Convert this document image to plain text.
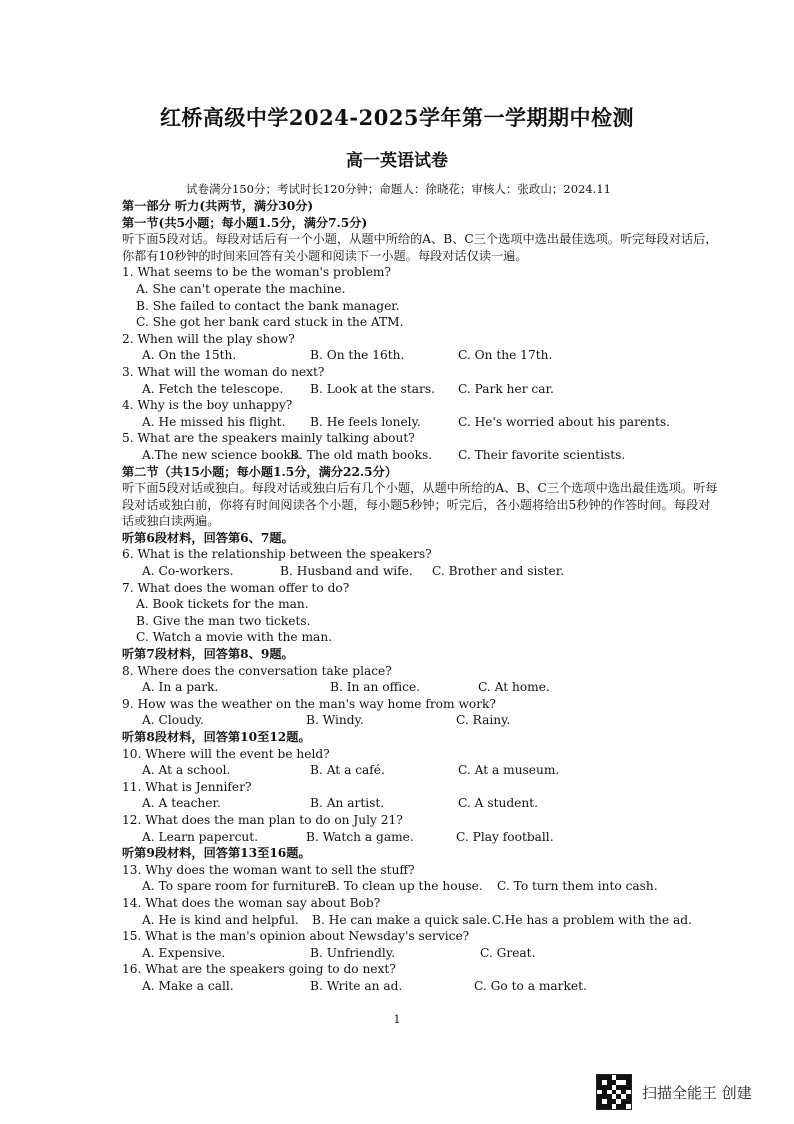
红桥高级中学2024-2025学年第一学期期中检测
高一英语试卷
试卷满分150分；考试时长120分钟；命题人：徐晓花；审核人：张政山；2024.11
第一部分 听力(共两节，满分30分)
第一节(共5小题；每小题1.5分，满分7.5分)
听下面5段对话。每段对话后有一个小题，从题中所给的A、B、C三个选项中选出最佳选项。听完每段对话后，你都有10秒钟的时间来回答有关小题和阅读下一小题。每段对话仅读一遍。
1. What seems to be the woman's problem?
A. She can't operate the machine.
B. She failed to contact the bank manager.
C. She got her bank card stuck in the ATM.
2. When will the play show?
A. On the 15th.	B. On the 16th.	C. On the 17th.
3. What will the woman do next?
A. Fetch the telescope.	B. Look at the stars.	C. Park her car.
4. Why is the boy unhappy?
A. He missed his flight.	B. He feels lonely.	C. He's worried about his parents.
5. What are the speakers mainly talking about?
A.The new science books.
B. The old math books.	C. Their favorite scientists.
第二节（共15小题；每小题1.5分，满分22.5分）
听下面5段对话或独白。每段对话或独白后有几个小题，从题中所给的A、B、C三个选项中选出最佳选项。听每段对话或独白前，你将有时间阅读各个小题，每小题5秒钟；听完后，各小题将给出5秒钟的作答时间。每段对话或独白读两遍。
听第6段材料，回答第6、7题。
6. What is the relationship between the speakers?
A. Co-workers.	B. Husband and wife.	C. Brother and sister.
7. What does the woman offer to do?
A. Book tickets for the man.
B. Give the man two tickets.
C. Watch a movie with the man.
听第7段材料，回答第8、9题。
8. Where does the conversation take place?
A. In a park.	B. In an office.	C. At home.
9. How was the weather on the man's way home from work?
A. Cloudy.	B. Windy.	C. Rainy.
听第8段材料，回答第10至12题。
10. Where will the event be held?
A. At a school.	B. At a café.	C. At a museum.
11. What is Jennifer?
A. A teacher.	B. An artist.	C. A student.
12. What does the man plan to do on July 21?
A. Learn papercut.	B. Watch a game.	C. Play football.
听第9段材料，回答第13至16题。
13. Why does the woman want to sell the stuff?
A. To spare room for furniture.
B. To clean up the house.	C. To turn them into cash.
14. What does the woman say about Bob?
A. He is kind and helpful.	B. He can make a quick sale. C.He has a problem with the ad.
15. What is the man's opinion about Newsday's service?
A. Expensive.	B. Unfriendly.	C. Great.
16. What are the speakers going to do next?
A. Make a call.	B. Write an ad.	C. Go to a market.
1
扫描全能王 创建
